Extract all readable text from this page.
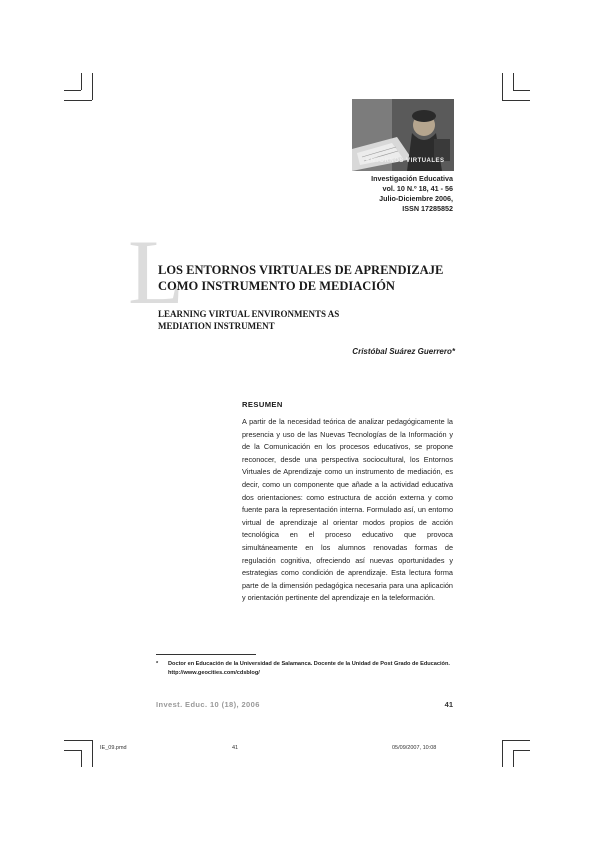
ENTORNOS VIRTUALES
Investigación Educativa
vol. 10 N.º 18, 41 - 56
Julio-Diciembre 2006,
ISSN 17285852
L
LOS ENTORNOS VIRTUALES DE APRENDIZAJE
COMO INSTRUMENTO DE MEDIACIÓN
LEARNING VIRTUAL ENVIRONMENTS AS
MEDIATION INSTRUMENT
Cristóbal Suárez Guerrero*
RESUMEN
A partir de la necesidad teórica de analizar pedagógicamente la presencia y uso de las Nuevas Tecnologías de la Información y de la Comunicación en los procesos educativos, se propone reconocer, desde una perspectiva sociocultural, los Entornos Virtuales de Aprendizaje como un instrumento de mediación, es decir, como un componente que añade a la actividad educativa dos orientaciones: como estructura de acción externa y como fuente para la representación interna. Formulado así, un entorno virtual de aprendizaje al orientar modos propios de acción tecnológica en el proceso educativo que provoca simultáneamente en los alumnos renovadas formas de regulación cognitiva, ofreciendo así nuevas oportunidades y estrategias como condición de aprendizaje. Esta lectura forma parte de la dimensión pedagógica necesaria para una aplicación y orientación pertinente del aprendizaje en la teleformación.
* Doctor en Educación de la Universidad de Salamanca. Docente de la Unidad de Post Grado de Educación. http://www.geocities.com/cdsblog/
Invest. Educ. 10 (18), 2006	41
IE_09.pmd	41	05/09/2007, 10:08
